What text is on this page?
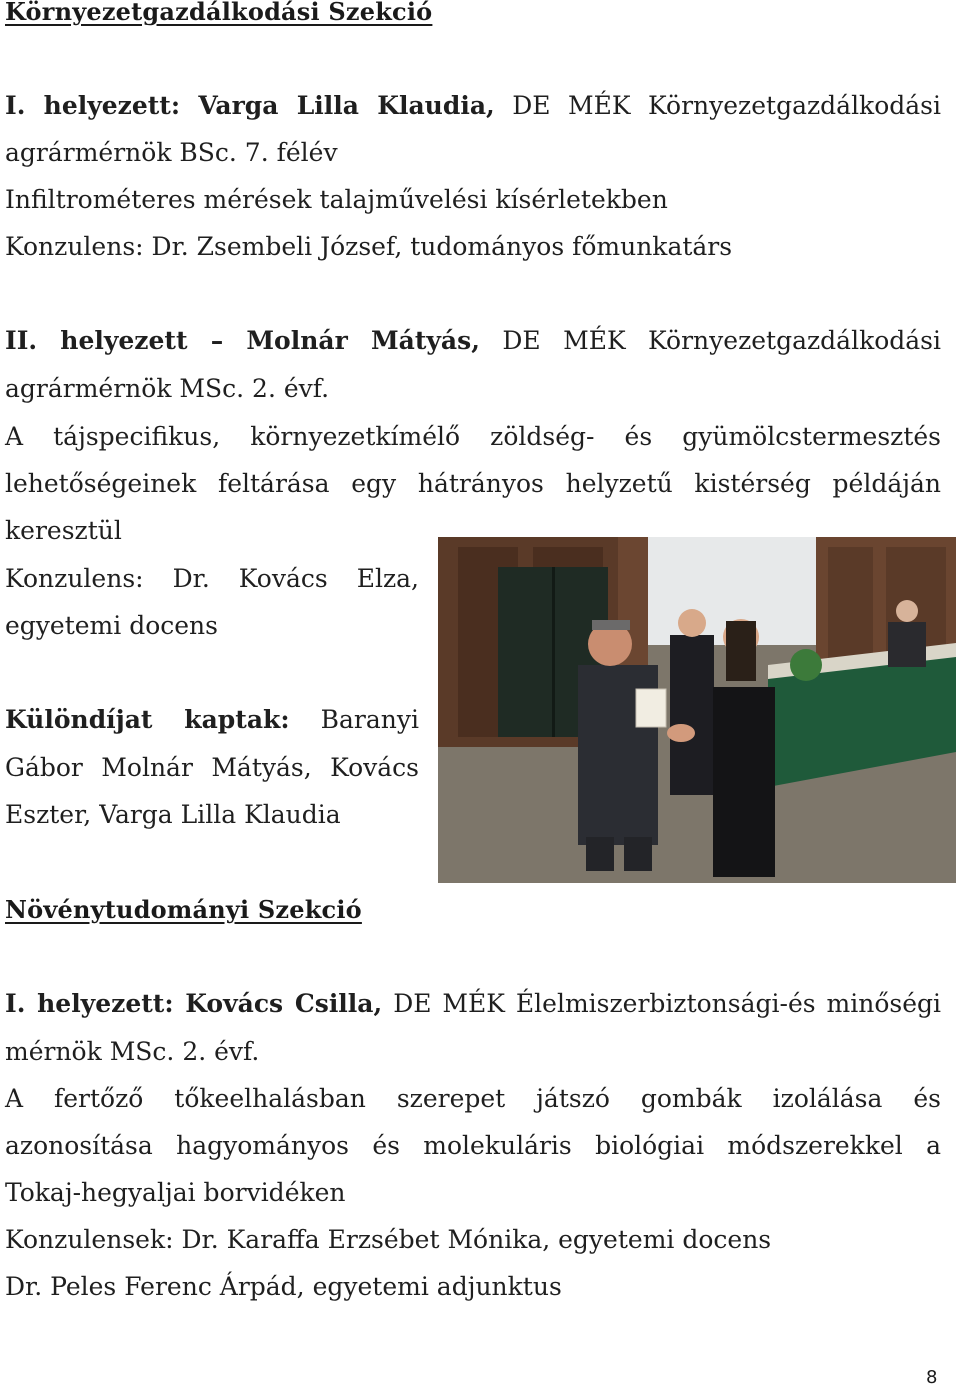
Környezetgazdálkodási Szekció
I. helyezett: Varga Lilla Klaudia, DE MÉK Környezetgazdálkodási
agrármérnök BSc. 7. félév
Infiltrométeres mérések talajművelési kísérletekben
Konzulens: Dr. Zsembeli József, tudományos főmunkatárs
II. helyezett – Molnár Mátyás, DE MÉK Környezetgazdálkodási
agrármérnök MSc. 2. évf.
A tájspecifikus, környezetkímélő zöldség- és gyümölcstermesztés
lehetőségeinek feltárása egy hátrányos helyzetű kistérség példáján
keresztül
Konzulens: Dr. Kovács Elza,
egyetemi docens
Különdíjat kaptak: Baranyi
Gábor Molnár Mátyás, Kovács
Eszter, Varga Lilla Klaudia
Növénytudományi Szekció
I. helyezett: Kovács Csilla, DE MÉK Élelmiszerbiztonsági-és minőségi
mérnök MSc. 2. évf.
A fertőző tőkeelhalásban szerepet játszó gombák izolálása és
azonosítása hagyományos és molekuláris biológiai módszerekkel a
Tokaj-hegyaljai borvidéken
Konzulensek: Dr. Karaffa Erzsébet Mónika, egyetemi docens
Dr. Peles Ferenc Árpád, egyetemi adjunktus
8
